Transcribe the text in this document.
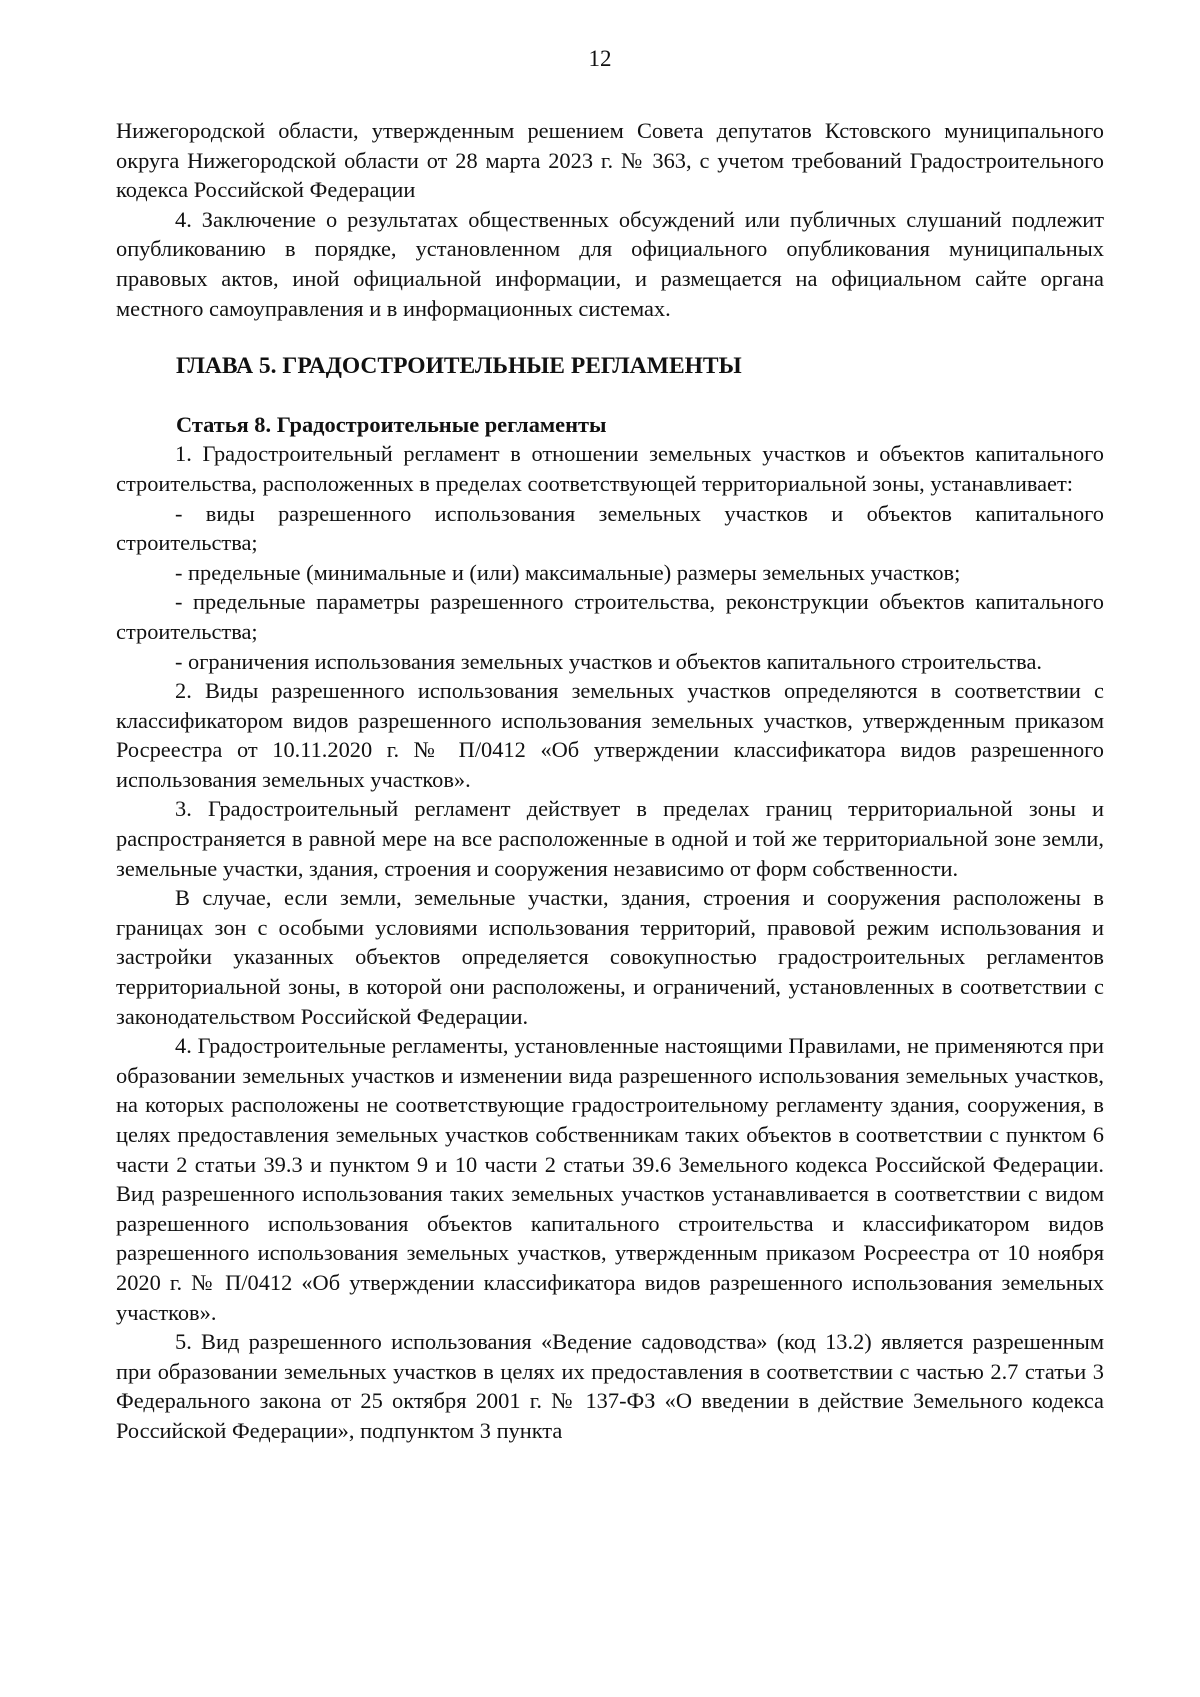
12

Нижегородской области, утвержденным решением Совета депутатов Кстовского муниципального округа Нижегородской области от 28 марта 2023 г. № 363, с учетом требований Градостроительного кодекса Российской Федерации

4. Заключение о результатах общественных обсуждений или публичных слушаний подлежит опубликованию в порядке, установленном для официального опубликования муниципальных правовых актов, иной официальной информации, и размещается на официальном сайте органа местного самоуправления и в информационных системах.

ГЛАВА 5. ГРАДОСТРОИТЕЛЬНЫЕ РЕГЛАМЕНТЫ

Статья 8. Градостроительные регламенты

1. Градостроительный регламент в отношении земельных участков и объектов капитального строительства, расположенных в пределах соответствующей территориальной зоны, устанавливает:

- виды разрешенного использования земельных участков и объектов капитального строительства;

- предельные (минимальные и (или) максимальные) размеры земельных участков;

- предельные параметры разрешенного строительства, реконструкции объектов капитального строительства;

- ограничения использования земельных участков и объектов капитального строительства.

2. Виды разрешенного использования земельных участков определяются в соответствии с классификатором видов разрешенного использования земельных участков, утвержденным приказом Росреестра от 10.11.2020 г. № П/0412 «Об утверждении классификатора видов разрешенного использования земельных участков».

3. Градостроительный регламент действует в пределах границ территориальной зоны и распространяется в равной мере на все расположенные в одной и той же территориальной зоне земли, земельные участки, здания, строения и сооружения независимо от форм собственности.

В случае, если земли, земельные участки, здания, строения и сооружения расположены в границах зон с особыми условиями использования территорий, правовой режим использования и застройки указанных объектов определяется совокупностью градостроительных регламентов территориальной зоны, в которой они расположены, и ограничений, установленных в соответствии с законодательством Российской Федерации.

4. Градостроительные регламенты, установленные настоящими Правилами, не применяются при образовании земельных участков и изменении вида разрешенного использования земельных участков, на которых расположены не соответствующие градостроительному регламенту здания, сооружения, в целях предоставления земельных участков собственникам таких объектов в соответствии с пунктом 6 части 2 статьи 39.3 и пунктом 9 и 10 части 2 статьи 39.6 Земельного кодекса Российской Федерации. Вид разрешенного использования таких земельных участков устанавливается в соответствии с видом разрешенного использования объектов капитального строительства и классификатором видов разрешенного использования земельных участков, утвержденным приказом Росреестра от 10 ноября 2020 г. № П/0412 «Об утверждении классификатора видов разрешенного использования земельных участков».

5. Вид разрешенного использования «Ведение садоводства» (код 13.2) является разрешенным при образовании земельных участков в целях их предоставления в соответствии с частью 2.7 статьи 3 Федерального закона от 25 октября 2001 г. № 137-ФЗ «О введении в действие Земельного кодекса Российской Федерации», подпунктом 3 пункта
